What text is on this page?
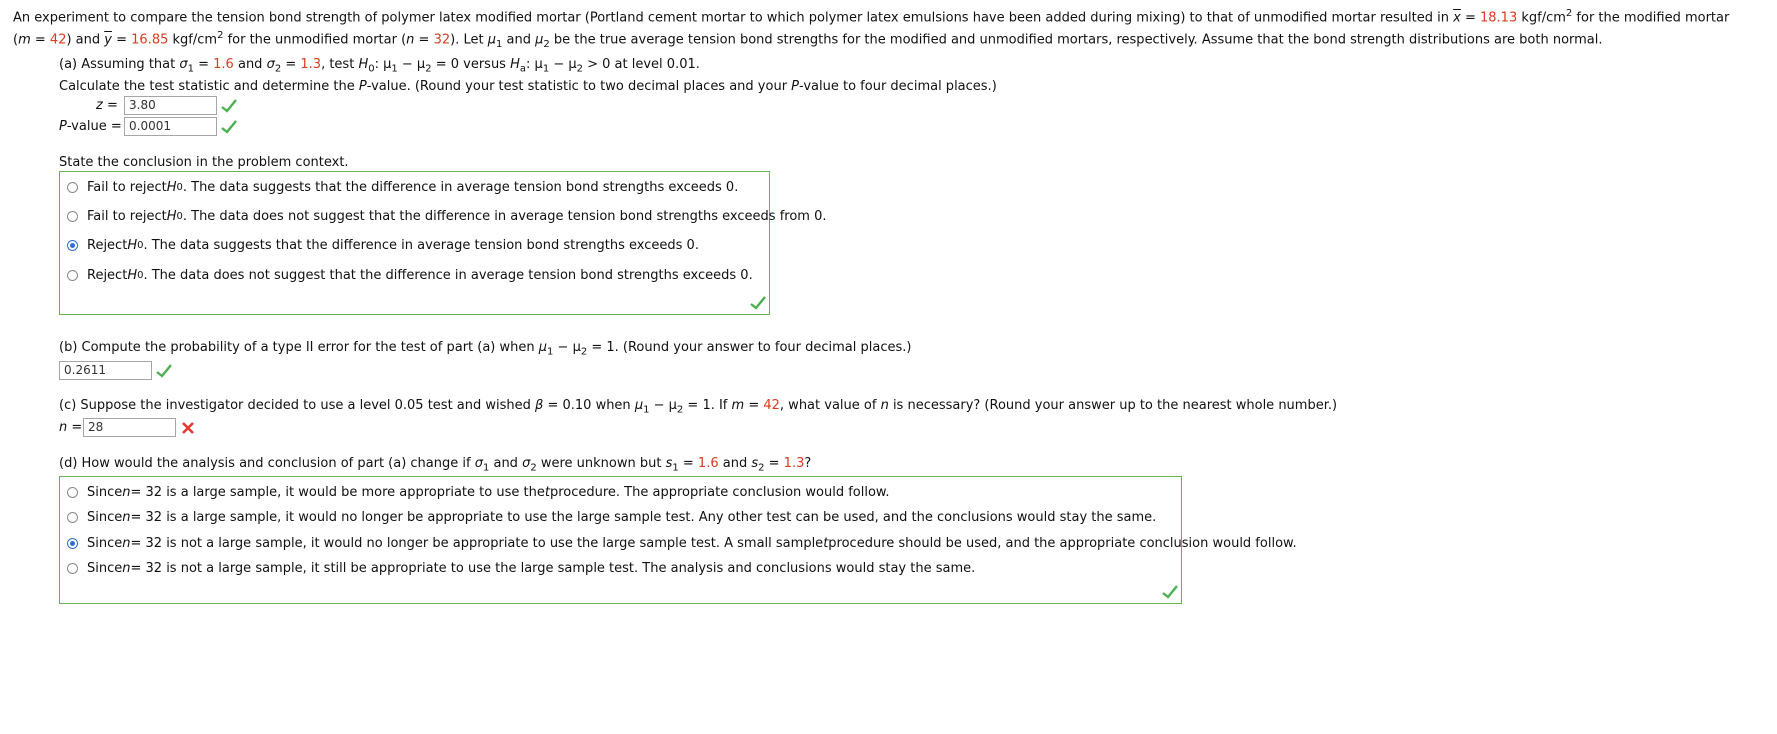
An experiment to compare the tension bond strength of polymer latex modified mortar (Portland cement mortar to which polymer latex emulsions have been added during mixing) to that of unmodified mortar resulted in $\overline{x} = 18.13$ kgf/$cm^2$ for the modified mortar
(m = 42) and $\overline{y} = 16.85$ kgf/$cm^2$ for the unmodified mortar (n = 32). Let $\mu_1$ and $\mu_2$ be the true average tension bond strengths for the modified and unmodified mortars, respectively. Assume that the bond strength distributions are both normal.
(a) Assuming that $\sigma_1 = 1.6$ and $\sigma_2 = 1.3$, test $H_0$: $\mu_1 - \mu_2 = 0$ versus $H_a$: $\mu_1 - \mu_2 > 0$ at level 0.01.
Calculate the test statistic and determine the P-value. (Round your test statistic to two decimal places and your P-value to four decimal places.)
z = 3.80
P-value = 0.0001
State the conclusion in the problem context.
Fail to reject H 0 . The data suggests that the difference in average tension bond strengths exceeds 0.
Fail to reject H 0 . The data does not suggest that the difference in average tension bond strengths exceeds from 0.
Reject H 0 . The data suggests that the difference in average tension bond strengths exceeds 0.
Reject H 0 . The data does not suggest that the difference in average tension bond strengths exceeds 0.
(b) Compute the probability of a type II error for the test of part (a) when $\mu_1 - \mu_2 = 1$. (Round your answer to four decimal places.)
0.2611
(c) Suppose the investigator decided to use a level 0.05 test and wished β = 0.10 when $\mu_1 - \mu_2 = 1$. If m = 42, what value of n is necessary? (Round your answer up to the nearest whole number.)
n = 28
(d) How would the analysis and conclusion of part (a) change if $\sigma_1$ and $\sigma_2$ were unknown but $s_1 = 1.6$ and $s_2 = 1.3$?
Since n = 32 is a large sample, it would be more appropriate to use the t procedure. The appropriate conclusion would follow.
Since n = 32 is a large sample, it would no longer be appropriate to use the large sample test. Any other test can be used, and the conclusions would stay the same.
Since n = 32 is not a large sample, it would no longer be appropriate to use the large sample test. A small sample t procedure should be used, and the appropriate conclusion would follow.
Since n = 32 is not a large sample, it still be appropriate to use the large sample test. The analysis and conclusions would stay the same.
